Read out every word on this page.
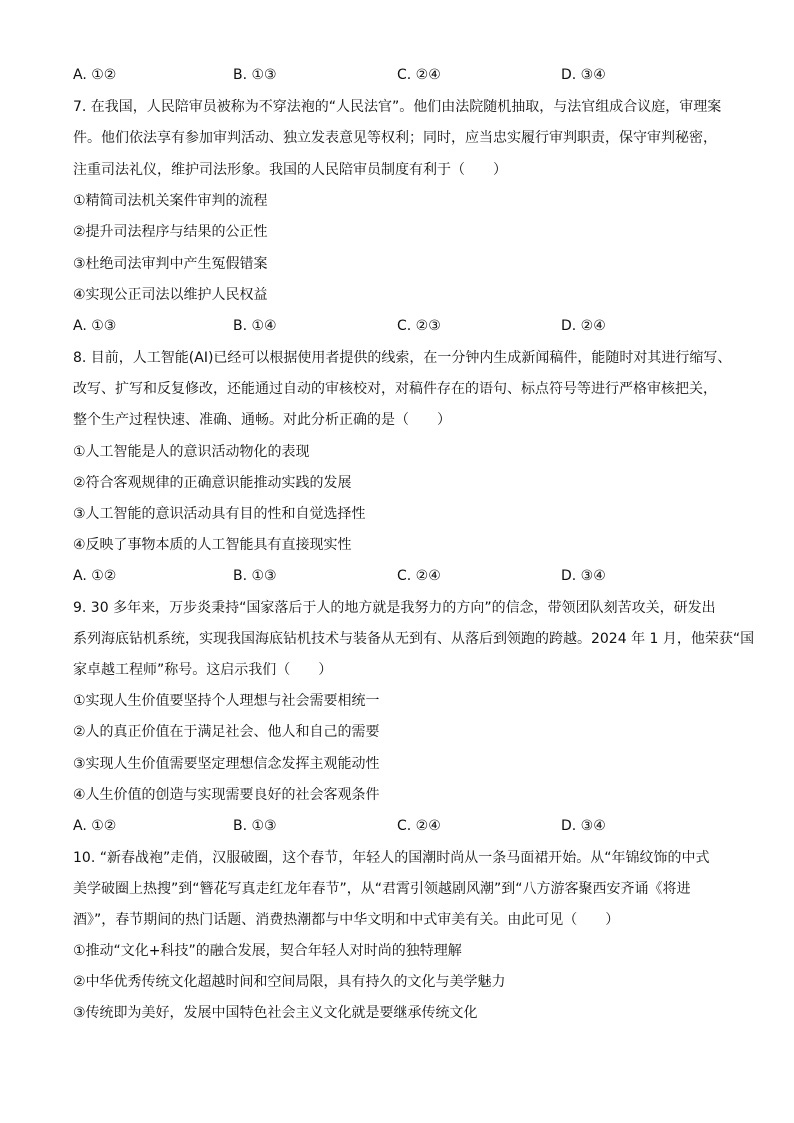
A. ①②	B. ①③	C. ②④	D. ③④
7. 在我国，人民陪审员被称为不穿法袍的“人民法官”。他们由法院随机抽取，与法官组成合议庭，审理案
件。他们依法享有参加审判活动、独立发表意见等权利；同时，应当忠实履行审判职责，保守审判秘密，
注重司法礼仪，维护司法形象。我国的人民陪审员制度有利于（　　）
①精简司法机关案件审判的流程
②提升司法程序与结果的公正性
③杜绝司法审判中产生冤假错案
④实现公正司法以维护人民权益
A. ①③	B. ①④	C. ②③	D. ②④
8. 目前，人工智能(AI)已经可以根据使用者提供的线索，在一分钟内生成新闻稿件，能随时对其进行缩写、
改写、扩写和反复修改，还能通过自动的审核校对，对稿件存在的语句、标点符号等进行严格审核把关，
整个生产过程快速、准确、通畅。对此分析正确的是（　　）
①人工智能是人的意识活动物化的表现
②符合客观规律的正确意识能推动实践的发展
③人工智能的意识活动具有目的性和自觉选择性
④反映了事物本质的人工智能具有直接现实性
A. ①②	B. ①③	C. ②④	D. ③④
9. 30 多年来，万步炎秉持“国家落后于人的地方就是我努力的方向”的信念，带领团队刻苦攻关，研发出
系列海底钻机系统，实现我国海底钻机技术与装备从无到有、从落后到领跑的跨越。2024 年 1 月，他荣获“国
家卓越工程师”称号。这启示我们（　　）
①实现人生价值要坚持个人理想与社会需要相统一
②人的真正价值在于满足社会、他人和自己的需要
③实现人生价值需要坚定理想信念发挥主观能动性
④人生价值的创造与实现需要良好的社会客观条件
A. ①②	B. ①③	C. ②④	D. ③④
10. “新春战袍”走俏，汉服破圈，这个春节，年轻人的国潮时尚从一条马面裙开始。从“年锦纹饰的中式
美学破圈上热搜”到“簪花写真走红龙年春节”，从“君霄引领越剧风潮”到“八方游客聚西安齐诵《将进
酒》”，春节期间的热门话题、消费热潮都与中华文明和中式审美有关。由此可见（　　）
①推动“文化+科技”的融合发展，契合年轻人对时尚的独特理解
②中华优秀传统文化超越时间和空间局限，具有持久的文化与美学魅力
③传统即为美好，发展中国特色社会主义文化就是要继承传统文化
